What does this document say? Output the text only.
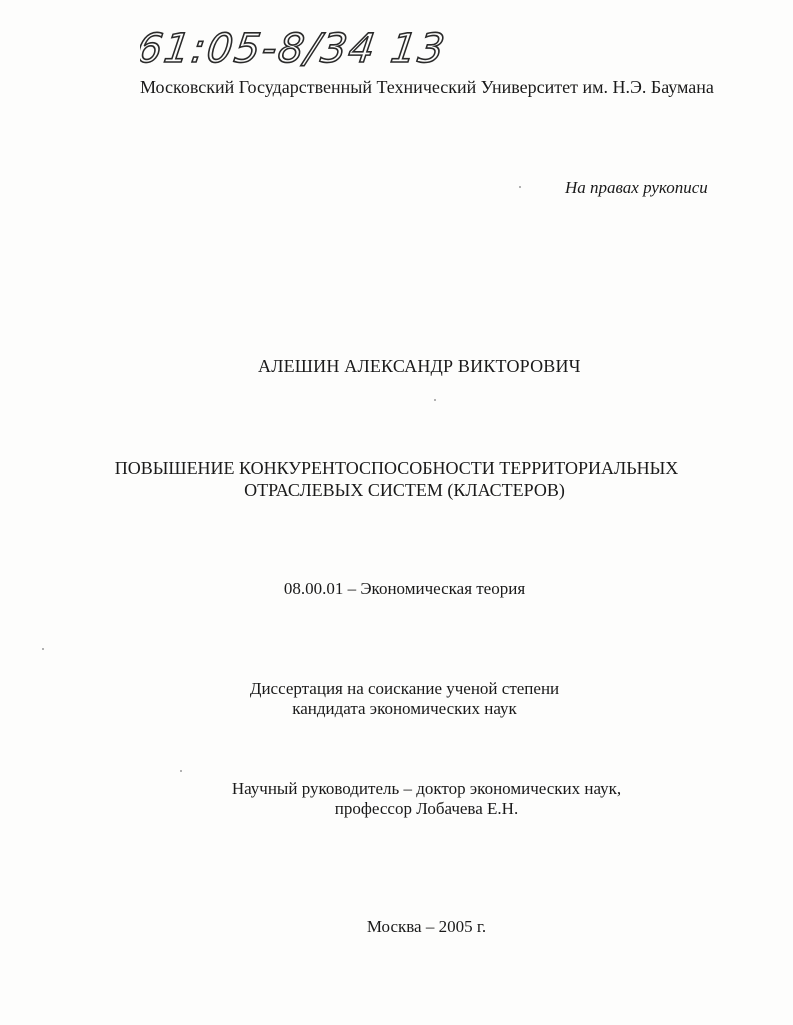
61:05-8/34 13
Московский Государственный Технический Университет им. Н.Э. Баумана
На правах рукописи
АЛЕШИН АЛЕКСАНДР ВИКТОРОВИЧ
ПОВЫШЕНИЕ КОНКУРЕНТОСПОСОБНОСТИ ТЕРРИТОРИАЛЬНЫХ
ОТРАСЛЕВЫХ СИСТЕМ (КЛАСТЕРОВ)
08.00.01 – Экономическая теория
Диссертация на соискание ученой степени
кандидата экономических наук
Научный руководитель – доктор экономических наук,
профессор Лобачева Е.Н.
Москва – 2005 г.
